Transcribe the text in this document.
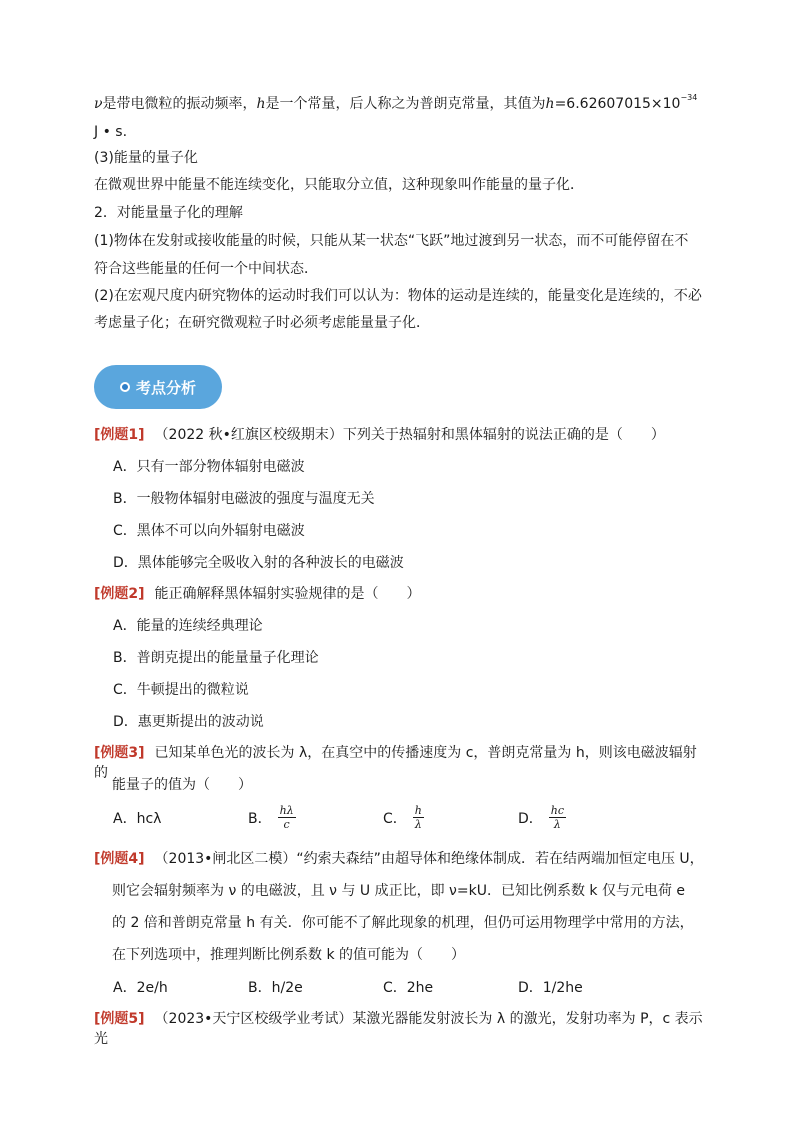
ν是带电微粒的振动频率，h是一个常量，后人称之为普朗克常量，其值为$h=6.62607015\times 10^{-34}$
J • s.
(3)能量的量子化
在微观世界中能量不能连续变化，只能取分立值，这种现象叫作能量的量子化．
2．对能量量子化的理解
(1)物体在发射或接收能量的时候，只能从某一状态“飞跃”地过渡到另一状态，而不可能停留在不
符合这些能量的任何一个中间状态．
(2)在宏观尺度内研究物体的运动时我们可以认为：物体的运动是连续的，能量变化是连续的，不必
考虑量子化；在研究微观粒子时必须考虑能量量子化．
考点分析
[例题1] （2022 秋•红旗区校级期末）下列关于热辐射和黑体辐射的说法正确的是（　　）
A．只有一部分物体辐射电磁波
B．一般物体辐射电磁波的强度与温度无关
C．黑体不可以向外辐射电磁波
D．黑体能够完全吸收入射的各种波长的电磁波
[例题2] 能正确解释黑体辐射实验规律的是（　　）
A．能量的连续经典理论
B．普朗克提出的能量量子化理论
C．牛顿提出的微粒说
D．惠更斯提出的波动说
[例题3] 已知某单色光的波长为 λ，在真空中的传播速度为 c，普朗克常量为 h，则该电磁波辐射的
能量子的值为（　　）
A．hcλ	B． $\frac{h\lambda}{c}$	C． $\frac{h}{\lambda}$	D． $\frac{hc}{\lambda}$
[例题4] （2013•闸北区二模）“约索夫森结”由超导体和绝缘体制成．若在结两端加恒定电压 U，
则它会辐射频率为 ν 的电磁波，且 ν 与 U 成正比，即 ν=kU．已知比例系数 k 仅与元电荷 e
的 2 倍和普朗克常量 h 有关．你可能不了解此现象的机理，但仍可运用物理学中常用的方法，
在下列选项中，推理判断比例系数 k 的值可能为（　　）
A．2e/h	B．h/2e	C．2he	D．1/2he
[例题5] （2023•天宁区校级学业考试）某激光器能发射波长为 λ 的激光，发射功率为 P，c 表示光
